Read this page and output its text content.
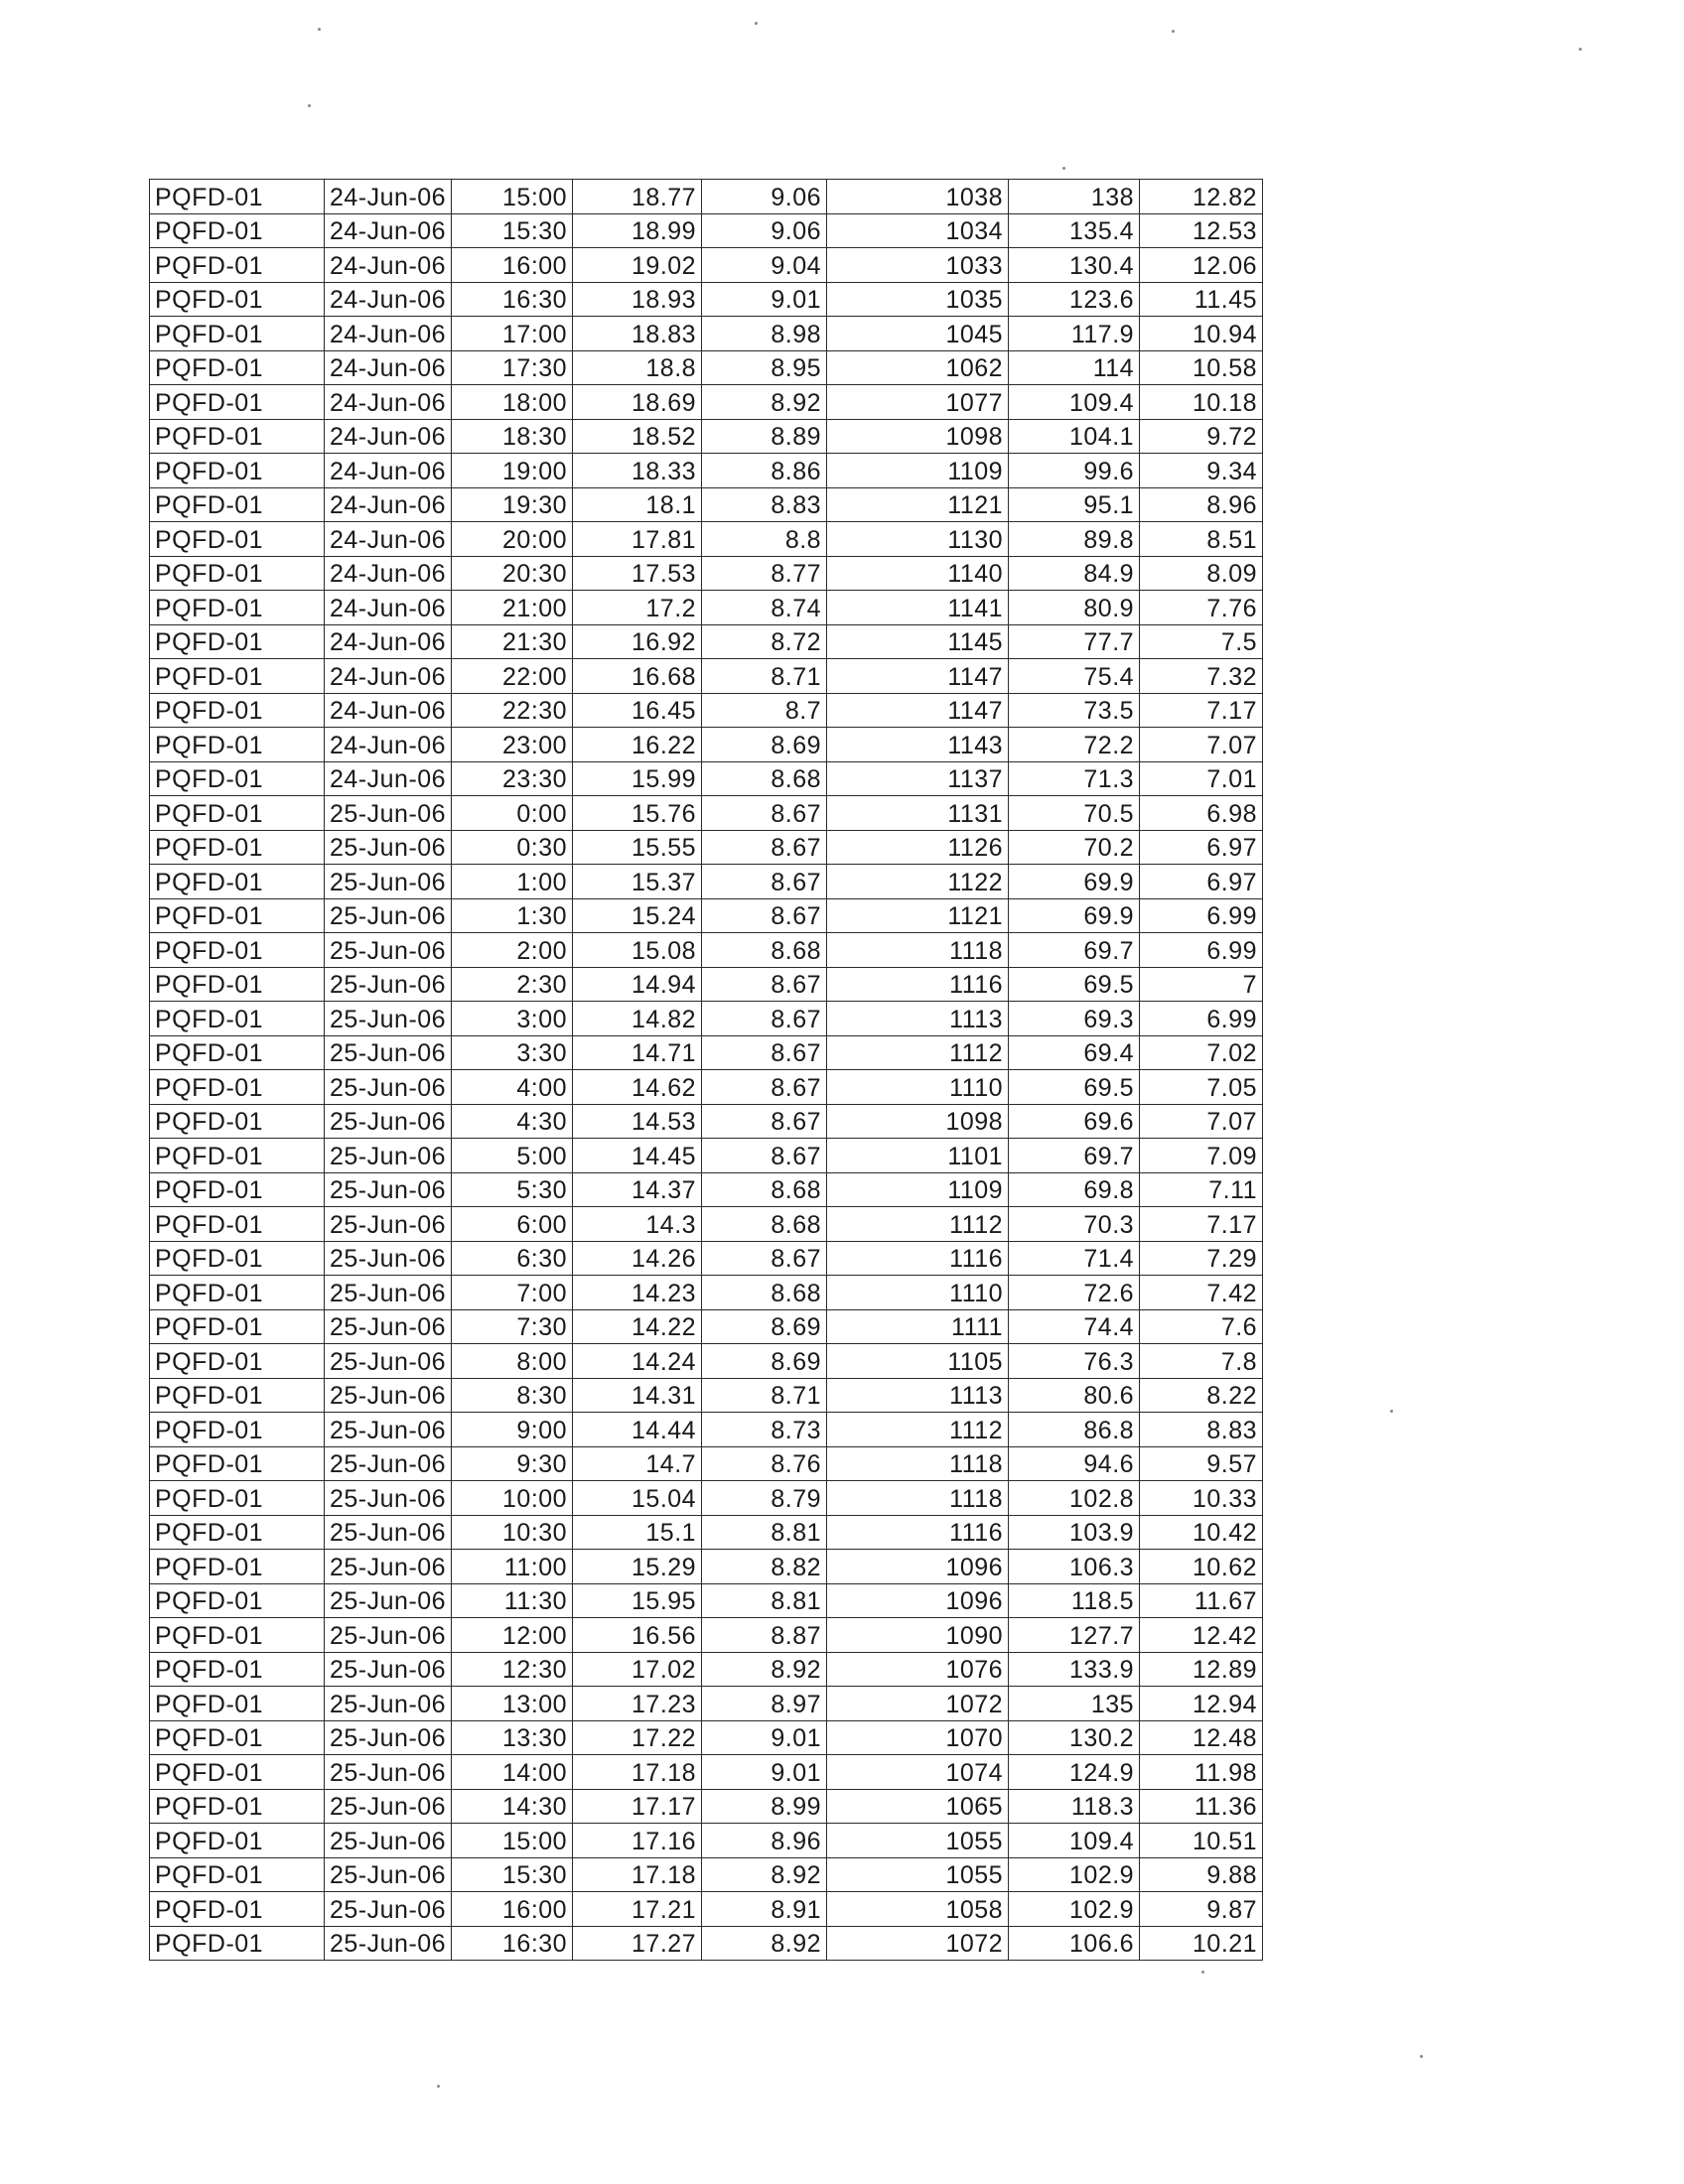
PQFD-01	24-Jun-06	15:00	18.77	9.06	1038	138	12.82
PQFD-01	24-Jun-06	15:30	18.99	9.06	1034	135.4	12.53
PQFD-01	24-Jun-06	16:00	19.02	9.04	1033	130.4	12.06
PQFD-01	24-Jun-06	16:30	18.93	9.01	1035	123.6	11.45
PQFD-01	24-Jun-06	17:00	18.83	8.98	1045	117.9	10.94
PQFD-01	24-Jun-06	17:30	18.8	8.95	1062	114	10.58
PQFD-01	24-Jun-06	18:00	18.69	8.92	1077	109.4	10.18
PQFD-01	24-Jun-06	18:30	18.52	8.89	1098	104.1	9.72
PQFD-01	24-Jun-06	19:00	18.33	8.86	1109	99.6	9.34
PQFD-01	24-Jun-06	19:30	18.1	8.83	1121	95.1	8.96
PQFD-01	24-Jun-06	20:00	17.81	8.8	1130	89.8	8.51
PQFD-01	24-Jun-06	20:30	17.53	8.77	1140	84.9	8.09
PQFD-01	24-Jun-06	21:00	17.2	8.74	1141	80.9	7.76
PQFD-01	24-Jun-06	21:30	16.92	8.72	1145	77.7	7.5
PQFD-01	24-Jun-06	22:00	16.68	8.71	1147	75.4	7.32
PQFD-01	24-Jun-06	22:30	16.45	8.7	1147	73.5	7.17
PQFD-01	24-Jun-06	23:00	16.22	8.69	1143	72.2	7.07
PQFD-01	24-Jun-06	23:30	15.99	8.68	1137	71.3	7.01
PQFD-01	25-Jun-06	0:00	15.76	8.67	1131	70.5	6.98
PQFD-01	25-Jun-06	0:30	15.55	8.67	1126	70.2	6.97
PQFD-01	25-Jun-06	1:00	15.37	8.67	1122	69.9	6.97
PQFD-01	25-Jun-06	1:30	15.24	8.67	1121	69.9	6.99
PQFD-01	25-Jun-06	2:00	15.08	8.68	1118	69.7	6.99
PQFD-01	25-Jun-06	2:30	14.94	8.67	1116	69.5	7
PQFD-01	25-Jun-06	3:00	14.82	8.67	1113	69.3	6.99
PQFD-01	25-Jun-06	3:30	14.71	8.67	1112	69.4	7.02
PQFD-01	25-Jun-06	4:00	14.62	8.67	1110	69.5	7.05
PQFD-01	25-Jun-06	4:30	14.53	8.67	1098	69.6	7.07
PQFD-01	25-Jun-06	5:00	14.45	8.67	1101	69.7	7.09
PQFD-01	25-Jun-06	5:30	14.37	8.68	1109	69.8	7.11
PQFD-01	25-Jun-06	6:00	14.3	8.68	1112	70.3	7.17
PQFD-01	25-Jun-06	6:30	14.26	8.67	1116	71.4	7.29
PQFD-01	25-Jun-06	7:00	14.23	8.68	1110	72.6	7.42
PQFD-01	25-Jun-06	7:30	14.22	8.69	1111	74.4	7.6
PQFD-01	25-Jun-06	8:00	14.24	8.69	1105	76.3	7.8
PQFD-01	25-Jun-06	8:30	14.31	8.71	1113	80.6	8.22
PQFD-01	25-Jun-06	9:00	14.44	8.73	1112	86.8	8.83
PQFD-01	25-Jun-06	9:30	14.7	8.76	1118	94.6	9.57
PQFD-01	25-Jun-06	10:00	15.04	8.79	1118	102.8	10.33
PQFD-01	25-Jun-06	10:30	15.1	8.81	1116	103.9	10.42
PQFD-01	25-Jun-06	11:00	15.29	8.82	1096	106.3	10.62
PQFD-01	25-Jun-06	11:30	15.95	8.81	1096	118.5	11.67
PQFD-01	25-Jun-06	12:00	16.56	8.87	1090	127.7	12.42
PQFD-01	25-Jun-06	12:30	17.02	8.92	1076	133.9	12.89
PQFD-01	25-Jun-06	13:00	17.23	8.97	1072	135	12.94
PQFD-01	25-Jun-06	13:30	17.22	9.01	1070	130.2	12.48
PQFD-01	25-Jun-06	14:00	17.18	9.01	1074	124.9	11.98
PQFD-01	25-Jun-06	14:30	17.17	8.99	1065	118.3	11.36
PQFD-01	25-Jun-06	15:00	17.16	8.96	1055	109.4	10.51
PQFD-01	25-Jun-06	15:30	17.18	8.92	1055	102.9	9.88
PQFD-01	25-Jun-06	16:00	17.21	8.91	1058	102.9	9.87
PQFD-01	25-Jun-06	16:30	17.27	8.92	1072	106.6	10.21
